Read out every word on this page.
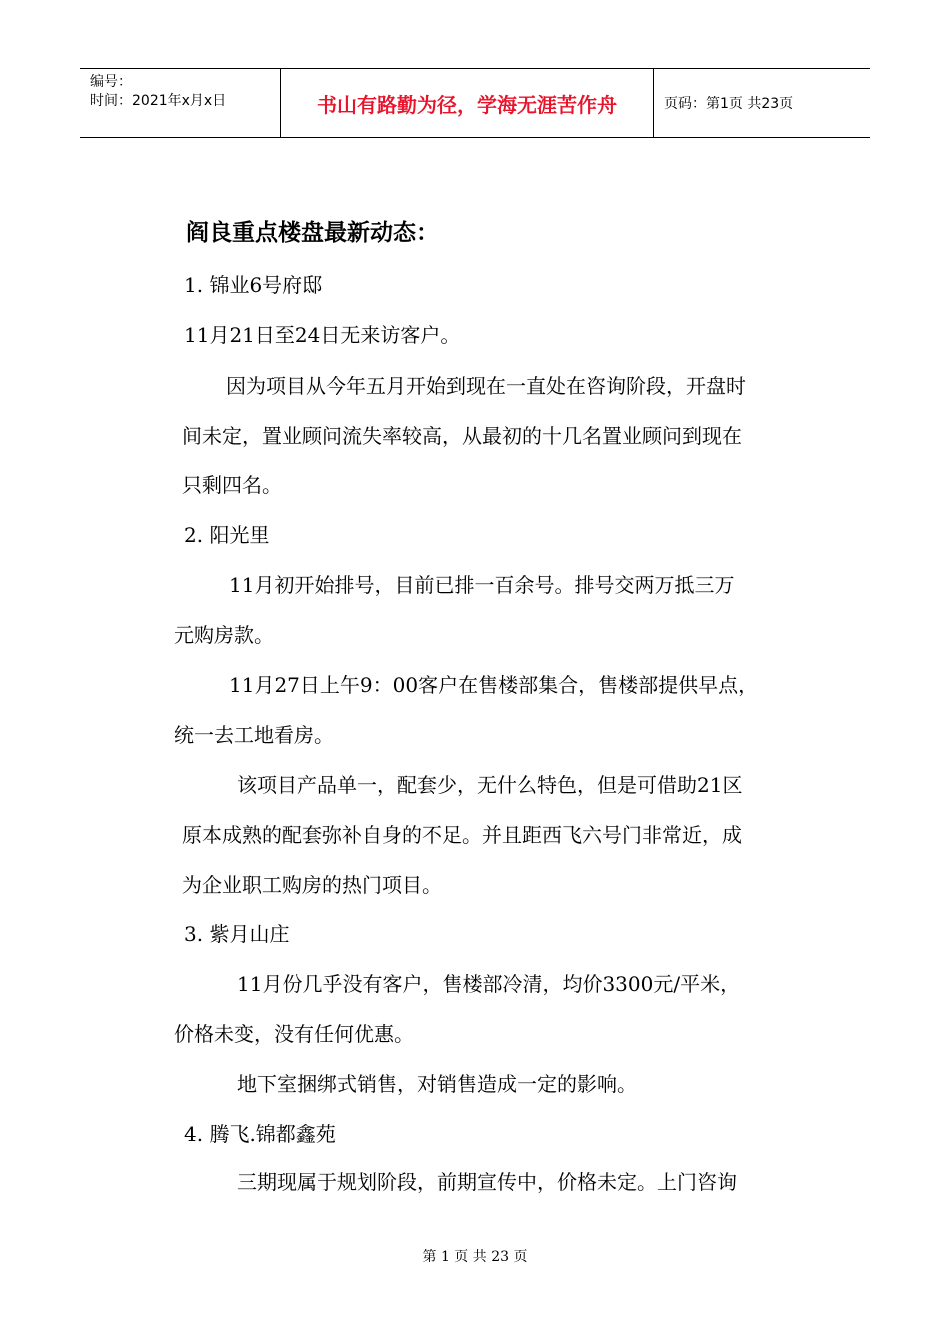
编号：
时间：2021年x月x日	书山有路勤为径，学海无涯苦作舟	页码：第1页 共23页
阎良重点楼盘最新动态：
1. 锦业6号府邸
11月21日至24日无来访客户。
因为项目从今年五月开始到现在一直处在咨询阶段，开盘时
间未定，置业顾问流失率较高，从最初的十几名置业顾问到现在
只剩四名。
2. 阳光里
11月初开始排号，目前已排一百余号。排号交两万抵三万
元购房款。
11月27日上午9：00客户在售楼部集合，售楼部提供早点，
统一去工地看房。
该项目产品单一，配套少，无什么特色，但是可借助21区
原本成熟的配套弥补自身的不足。并且距西飞六号门非常近，成
为企业职工购房的热门项目。
3. 紫月山庄
11月份几乎没有客户，售楼部冷清，均价3300元/平米，
价格未变，没有任何优惠。
地下室捆绑式销售，对销售造成一定的影响。
4. 腾飞.锦都鑫苑
三期现属于规划阶段，前期宣传中，价格未定。上门咨询
第 1 页 共 23 页
